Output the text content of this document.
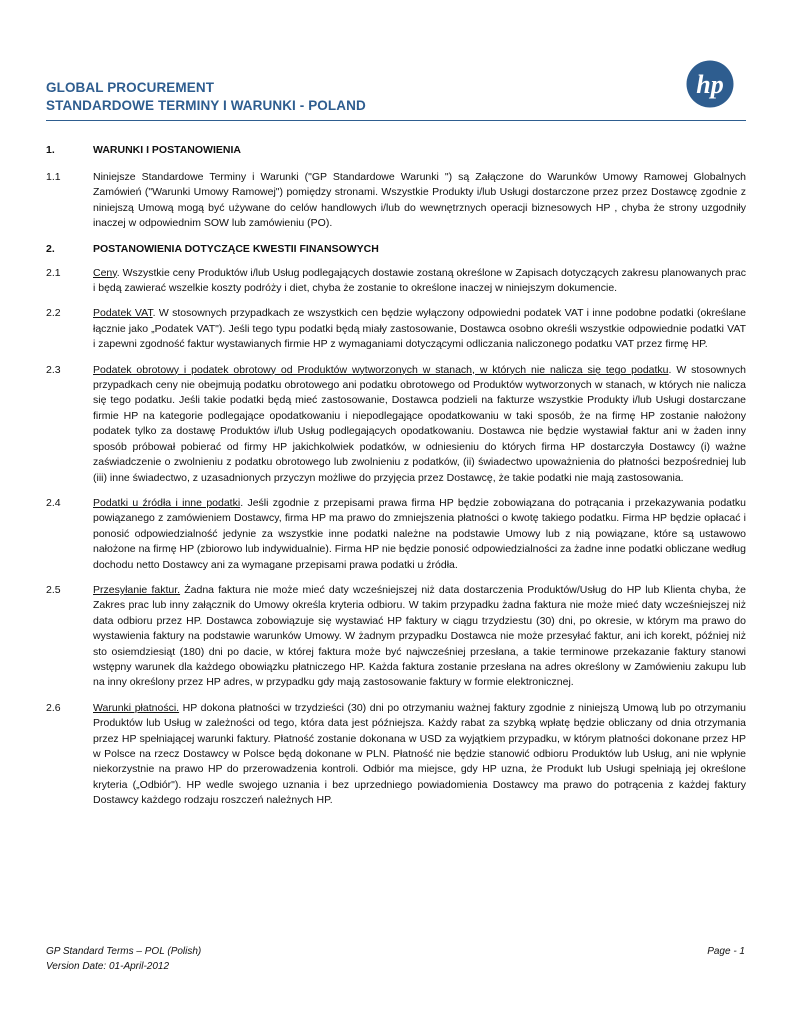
GLOBAL PROCUREMENT
STANDARDOWE TERMINY I WARUNKI - POLAND
hp
1.	WARUNKI I POSTANOWIENIA
1.1	Niniejsze Standardowe Terminy i Warunki ("GP Standardowe Warunki ") są Załączone do Warunków Umowy Ramowej Globalnych Zamówień ("Warunki Umowy Ramowej") pomiędzy stronami. Wszystkie Produkty i/lub Usługi dostarczone przez przez Dostawcę zgodnie z niniejszą Umową mogą być używane do celów handlowych i/lub do wewnętrznych operacji biznesowych HP , chyba że strony uzgodniły inaczej w odpowiednim SOW lub zamówieniu (PO).
2.	POSTANOWIENIA DOTYCZĄCE KWESTII FINANSOWYCH
2.1	Ceny. Wszystkie ceny Produktów i/lub Usług podlegających dostawie zostaną określone w Zapisach dotyczących zakresu planowanych prac i będą zawierać wszelkie koszty podróży i diet, chyba że zostanie to określone inaczej w niniejszym dokumencie.
2.2	Podatek VAT. W stosownych przypadkach ze wszystkich cen będzie wyłączony odpowiedni podatek VAT i inne podobne podatki (określane łącznie jako „Podatek VAT"). Jeśli tego typu podatki będą miały zastosowanie, Dostawca osobno określi wszystkie odpowiednie podatki VAT i zapewni zgodność faktur wystawianych firmie HP z wymaganiami dotyczącymi odliczania naliczonego podatku VAT przez firmę HP.
2.3	Podatek obrotowy i podatek obrotowy od Produktów wytworzonych w stanach, w których nie nalicza się tego podatku. W stosownych przypadkach ceny nie obejmują podatku obrotowego ani podatku obrotowego od Produktów wytworzonych w stanach, w których nie nalicza się tego podatku. Jeśli takie podatki będą mieć zastosowanie, Dostawca podzieli na fakturze wszystkie Produkty i/lub Usługi dostarczane firmie HP na kategorie podlegające opodatkowaniu i niepodlegające opodatkowaniu w taki sposób, że na firmę HP zostanie nałożony podatek tylko za dostawę Produktów i/lub Usług podlegających opodatkowaniu. Dostawca nie będzie wystawiał faktur ani w żaden inny sposób próbował pobierać od firmy HP jakichkolwiek podatków, w odniesieniu do których firma HP dostarczyła Dostawcy (i) ważne zaświadczenie o zwolnieniu z podatku obrotowego lub zwolnieniu z podatków, (ii) świadectwo upoważnienia do płatności bezpośredniej lub (iii) inne świadectwo, z uzasadnionych przyczyn możliwe do przyjęcia przez Dostawcę, że takie podatki nie mają zastosowania.
2.4	Podatki u źródła i inne podatki. Jeśli zgodnie z przepisami prawa firma HP będzie zobowiązana do potrącania i przekazywania podatku powiązanego z zamówieniem Dostawcy, firma HP ma prawo do zmniejszenia płatności o kwotę takiego podatku. Firma HP będzie opłacać i ponosić odpowiedzialność jedynie za wszystkie inne podatki należne na podstawie Umowy lub z nią powiązane, które są ustawowo nałożone na firmę HP (zbiorowo lub indywidualnie). Firma HP nie będzie ponosić odpowiedzialności za żadne inne podatki obliczane według dochodu netto Dostawcy ani za wymagane przepisami prawa podatki u źródła.
2.5	Przesyłanie faktur. Żadna faktura nie może mieć daty wcześniejszej niż data dostarczenia Produktów/Usług do HP lub Klienta chyba, że Zakres prac lub inny załącznik do Umowy określa kryteria odbioru. W takim przypadku żadna faktura nie może mieć daty wcześniejszej niż data odbioru przez HP. Dostawca zobowiązuje się wystawiać HP faktury w ciągu trzydziestu (30) dni, po okresie, w którym ma prawo do wystawienia faktury na podstawie warunków Umowy. W żadnym przypadku Dostawca nie może przesyłać faktur, ani ich korekt, później niż sto osiemdziesiąt (180) dni po dacie, w której faktura może być najwcześniej przesłana, a takie terminowe przekazanie faktury stanowi wstępny warunek dla każdego obowiązku płatniczego HP. Każda faktura zostanie przesłana na adres określony w Zamówieniu zakupu lub na inny określony przez HP adres, w przypadku gdy mają zastosowanie faktury w formie elektronicznej.
2.6	Warunki płatności. HP dokona płatności w trzydzieści (30) dni po otrzymaniu ważnej faktury zgodnie z niniejszą Umową lub po otrzymaniu Produktów lub Usług w zależności od tego, która data jest późniejsza. Każdy rabat za szybką wpłatę będzie obliczany od dnia otrzymania przez HP spełniającej warunki faktury. Płatność zostanie dokonana w USD za wyjątkiem przypadku, w którym płatności dokonane przez HP w Polsce na rzecz Dostawcy w Polsce będą dokonane w PLN. Płatność nie będzie stanowić odbioru Produktów lub Usług, ani nie wpłynie niekorzystnie na prawo HP do przerowadzenia kontroli. Odbiór ma miejsce, gdy HP uzna, że Produkt lub Usługi spełniają jej określone kryteria („Odbiór"). HP wedle swojego uznania i bez uprzedniego powiadomienia Dostawcy ma prawo do potrącenia z każdej faktury Dostawcy każdego rodzaju roszczeń należnych HP.
GP Standard Terms – POL (Polish)
Version Date: 01-April-2012
Page - 1
